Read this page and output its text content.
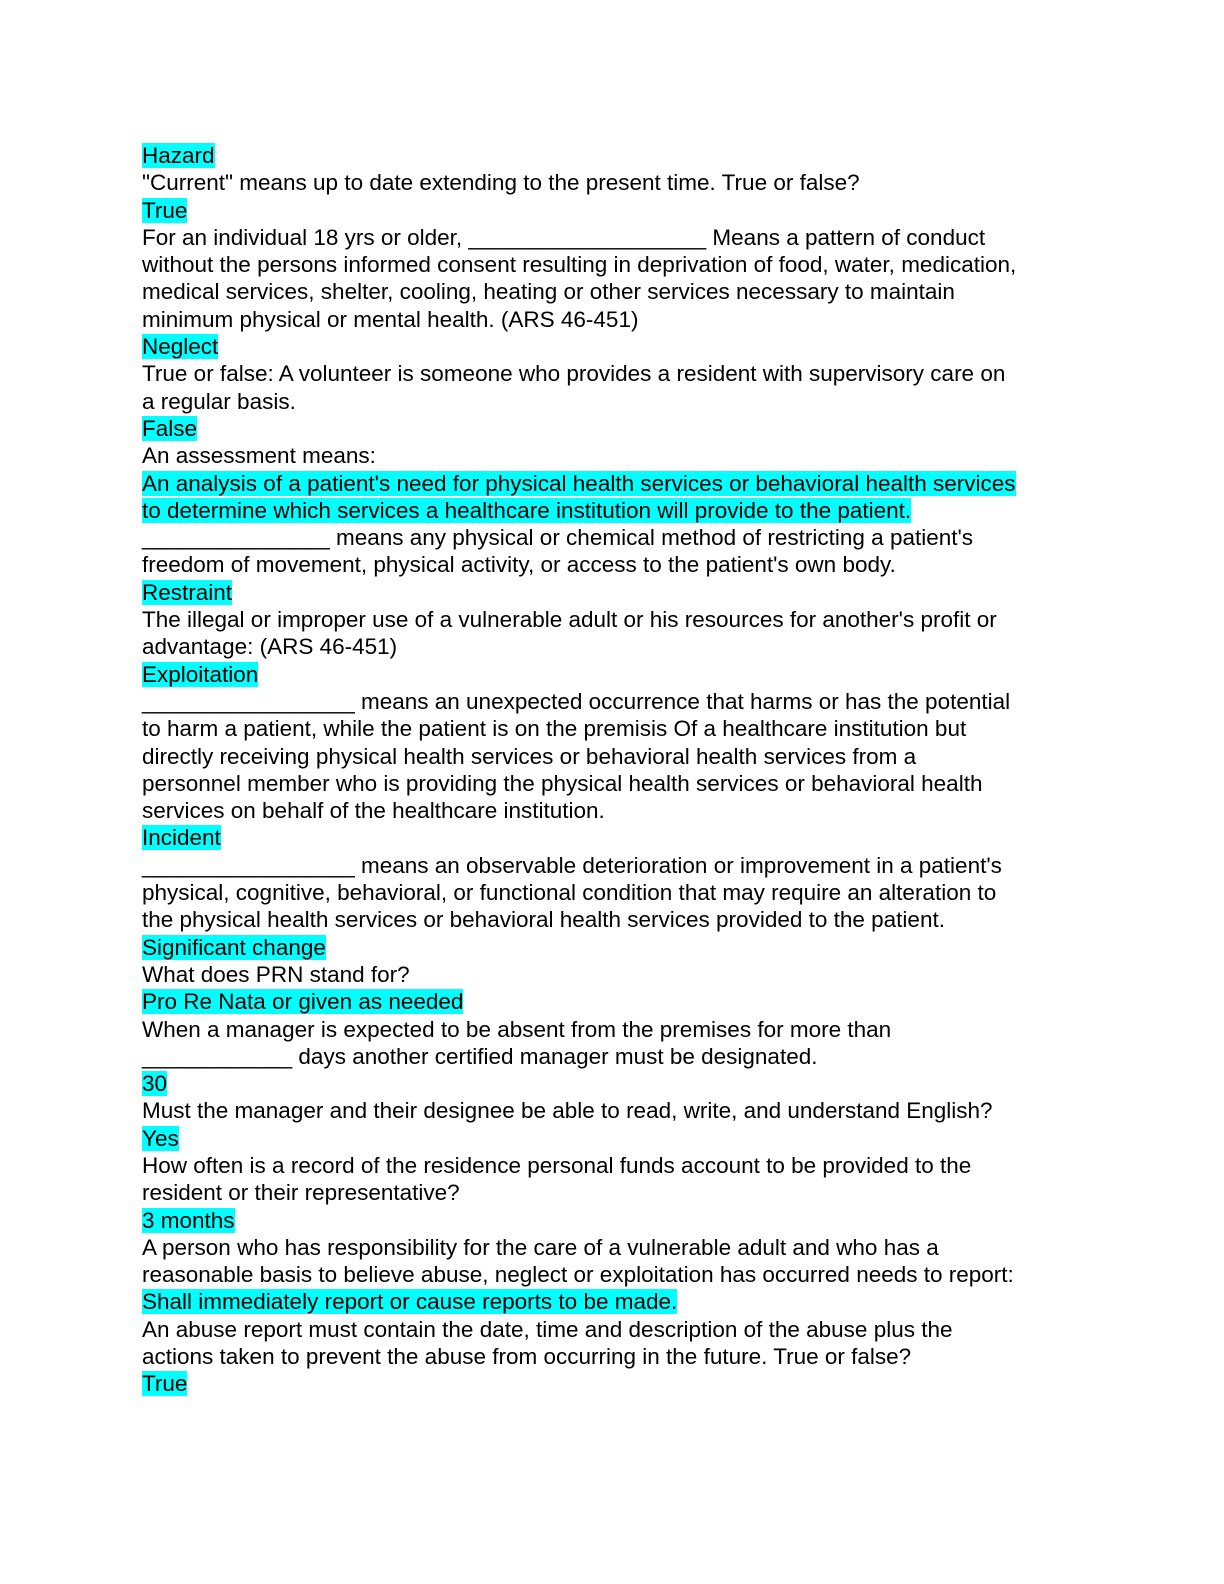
Hazard
"Current" means up to date extending to the present time. True or false?
True
For an individual 18 yrs or older, ___________________ Means a pattern of conduct
without the persons informed consent resulting in deprivation of food, water, medication,
medical services, shelter, cooling, heating or other services necessary to maintain
minimum physical or mental health. (ARS 46-451)
Neglect
True or false: A volunteer is someone who provides a resident with supervisory care on
a regular basis.
False
An assessment means:
An analysis of a patient's need for physical health services or behavioral health services
to determine which services a healthcare institution will provide to the patient.
_______________ means any physical or chemical method of restricting a patient's
freedom of movement, physical activity, or access to the patient's own body.
Restraint
The illegal or improper use of a vulnerable adult or his resources for another's profit or
advantage: (ARS 46-451)
Exploitation
_________________ means an unexpected occurrence that harms or has the potential
to harm a patient, while the patient is on the premisis Of a healthcare institution but
directly receiving physical health services or behavioral health services from a
personnel member who is providing the physical health services or behavioral health
services on behalf of the healthcare institution.
Incident
_________________ means an observable deterioration or improvement in a patient's
physical, cognitive, behavioral, or functional condition that may require an alteration to
the physical health services or behavioral health services provided to the patient.
Significant change
What does PRN stand for?
Pro Re Nata or given as needed
When a manager is expected to be absent from the premises for more than
____________ days another certified manager must be designated.
30
Must the manager and their designee be able to read, write, and understand English?
Yes
How often is a record of the residence personal funds account to be provided to the
resident or their representative?
3 months
A person who has responsibility for the care of a vulnerable adult and who has a
reasonable basis to believe abuse, neglect or exploitation has occurred needs to report:
Shall immediately report or cause reports to be made.
An abuse report must contain the date, time and description of the abuse plus the
actions taken to prevent the abuse from occurring in the future. True or false?
True
